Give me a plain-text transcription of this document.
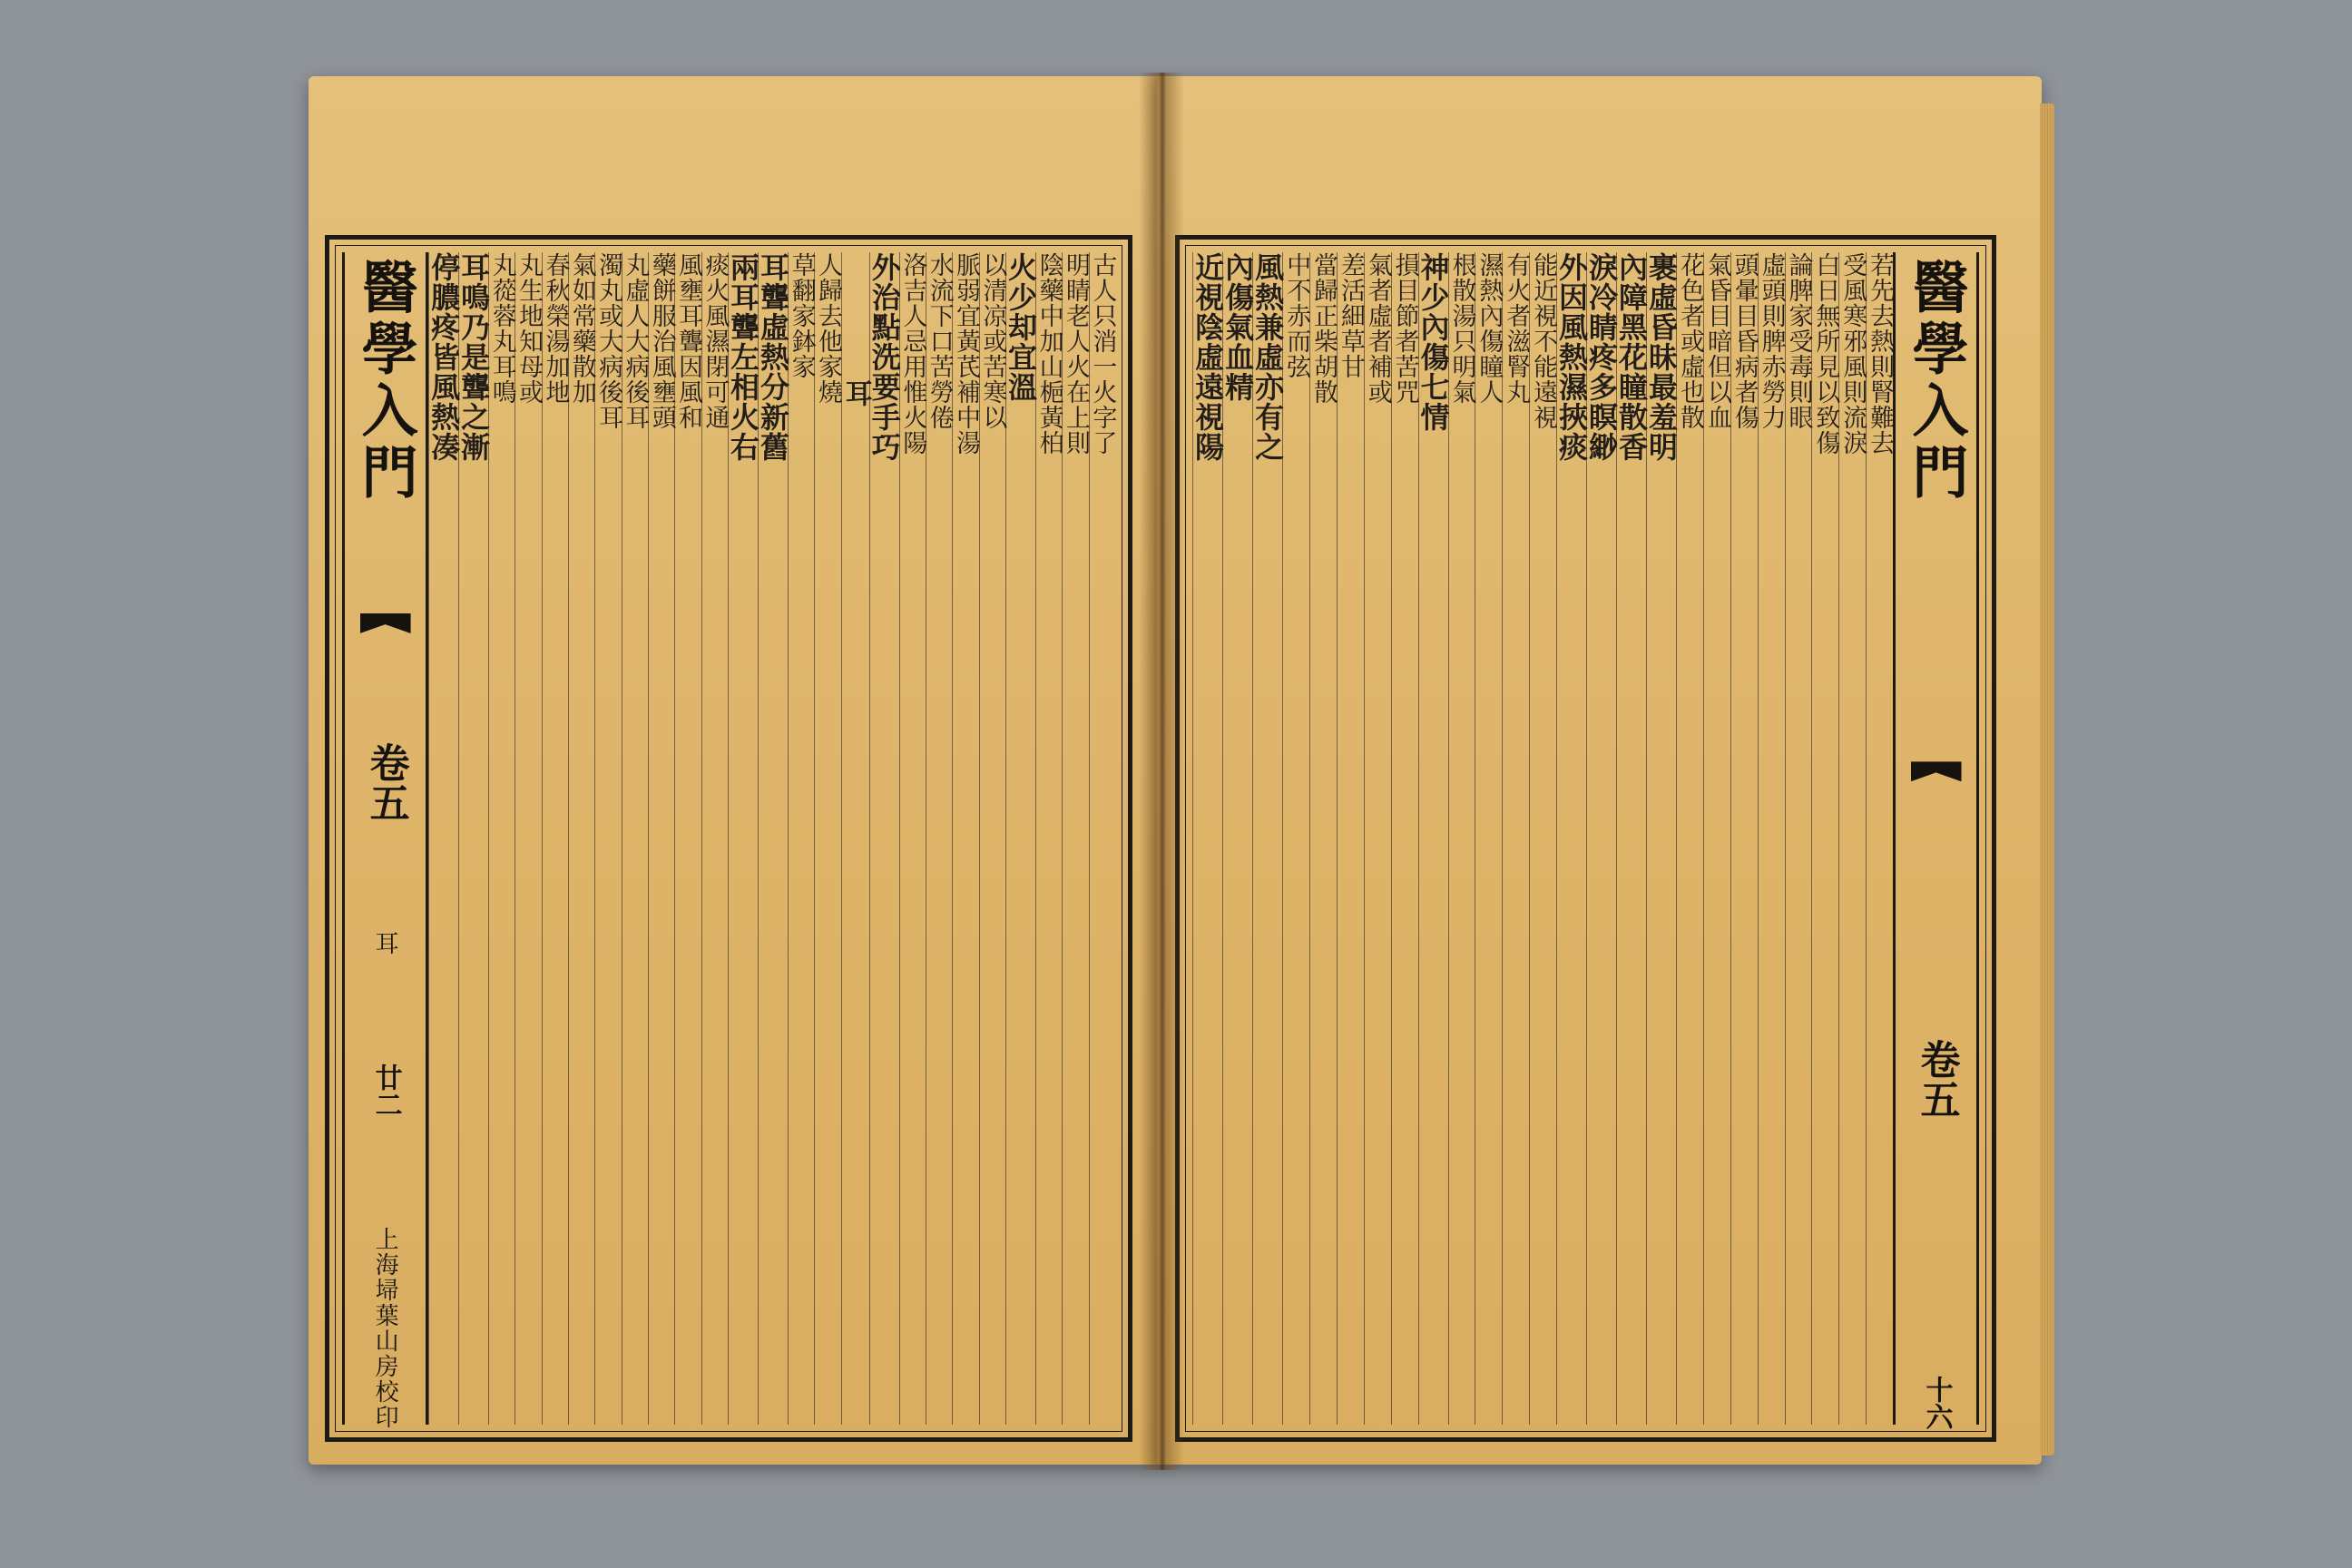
古人只消一火字了
明睛老人火在上則
陰藥中加山梔黃柏
火少却宜溫
以清凉或苦寒以
脈弱宜黃芪補中湯
水流下口苦勞倦
洛吉人忌用惟火陽
外治點洗要手巧
耳
人歸去他家燒
草翻家鉢家
耳聾虛熱分新舊
兩耳聾左相火右
痰火風濕閉可通
風壅耳聾因風和
藥餅服治風壅頭
丸虛人大病後耳
濁丸或大病後耳
氣如常藥散加
春秋榮湯加地
丸生地知母或
丸蓯蓉丸耳鳴
耳鳴乃是聾之漸
停膿疼皆風熱凑
醫學入門
卷五
耳
廿二
上海埽葉山房校印
醫學入門
卷五
十六
若先去熱則腎難去
受風寒邪風則流淚
白日無所見以致傷
論脾家受毒則眼
虛頭則脾赤勞力
頭暈目昏病者傷
氣昏目暗但以血
花色者或虛也散
裹虛昏昧最羞明
內障黑花瞳散香
淚冷睛疼多瞑緲
外因風熱濕挾痰
能近視不能遠視
有火者滋腎丸
濕熱內傷瞳人
根散湯只明氣
神少內傷七情
損目節者苦咒
氣者虛者補或
差活細草甘
當歸正柴胡散
中不赤而弦
風熱兼虛亦有之
內傷氣血精
近視陰虛遠視陽
